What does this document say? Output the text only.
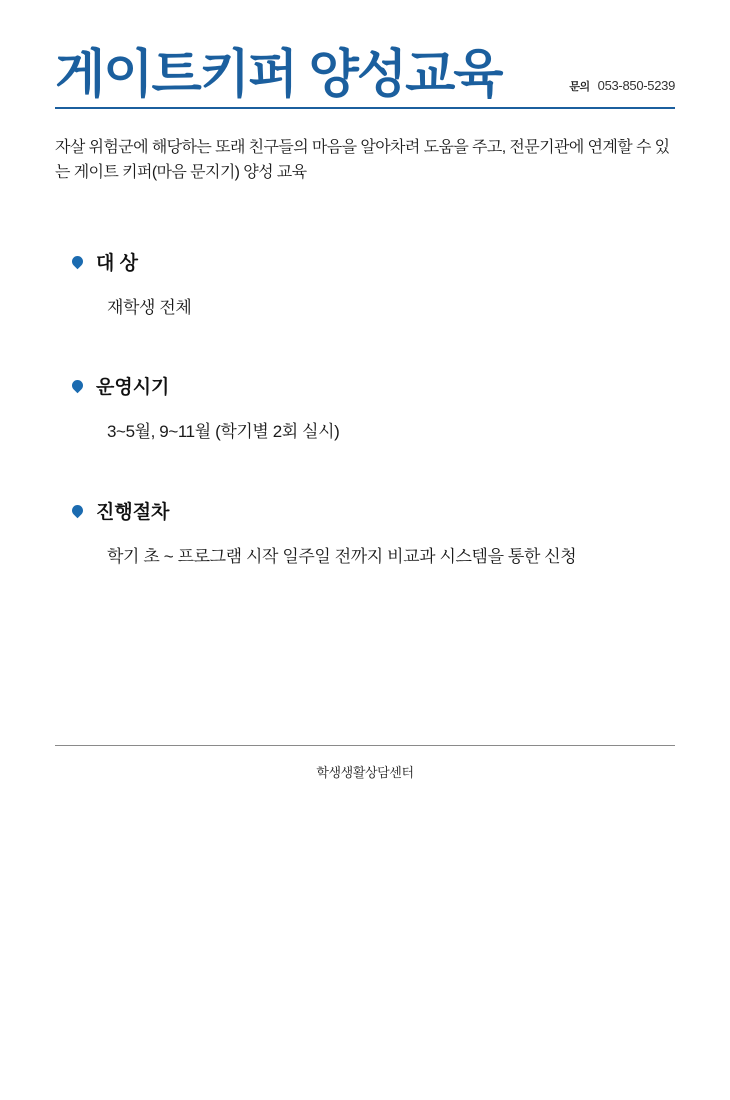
게이트키퍼 양성교육	문의 053-850-5239
자살 위험군에 해당하는 또래 친구들의 마음을 알아차려 도움을 주고, 전문기관에 연계할 수 있는 게이트 키퍼(마음 문지기) 양성 교육
대 상
재학생 전체
운영시기
3~5월, 9~11월 (학기별 2회 실시)
진행절차
학기 초 ~ 프로그램 시작 일주일 전까지 비교과 시스템을 통한 신청
학생생활상담센터
